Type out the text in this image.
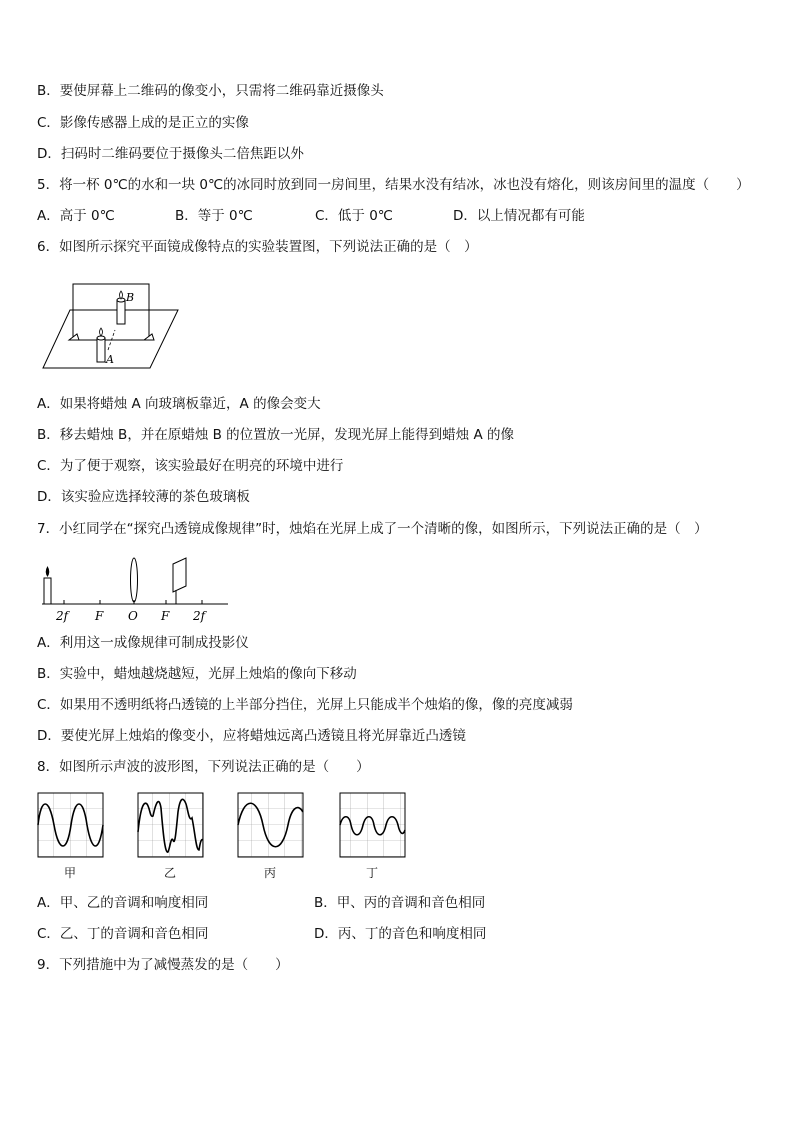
B．要使屏幕上二维码的像变小，只需将二维码靠近摄像头
C．影像传感器上成的是正立的实像
D．扫码时二维码要位于摄像头二倍焦距以外
5．将一杯 0℃的水和一块 0℃的冰同时放到同一房间里，结果水没有结冰，冰也没有熔化，则该房间里的温度（　　）
A．高于 0℃	B．等于 0℃	C．低于 0℃	D．以上情况都有可能
6．如图所示探究平面镜成像特点的实验装置图，下列说法正确的是（　）
B
A
A．如果将蜡烛 A 向玻璃板靠近，A 的像会变大
B．移去蜡烛 B，并在原蜡烛 B 的位置放一光屏，发现光屏上能得到蜡烛 A 的像
C．为了便于观察，该实验最好在明亮的环境中进行
D．该实验应选择较薄的茶色玻璃板
7．小红同学在“探究凸透镜成像规律”时，烛焰在光屏上成了一个清晰的像，如图所示，下列说法正确的是（　）
2f F O F 2f
A．利用这一成像规律可制成投影仪
B．实验中，蜡烛越烧越短，光屏上烛焰的像向下移动
C．如果用不透明纸将凸透镜的上半部分挡住，光屏上只能成半个烛焰的像，像的亮度减弱
D．要使光屏上烛焰的像变小，应将蜡烛远离凸透镜且将光屏靠近凸透镜
8．如图所示声波的波形图，下列说法正确的是（　　）
甲	乙	丙	丁
A．甲、乙的音调和响度相同	B．甲、丙的音调和音色相同
C．乙、丁的音调和音色相同	D．丙、丁的音色和响度相同
9．下列措施中为了减慢蒸发的是（　　）
